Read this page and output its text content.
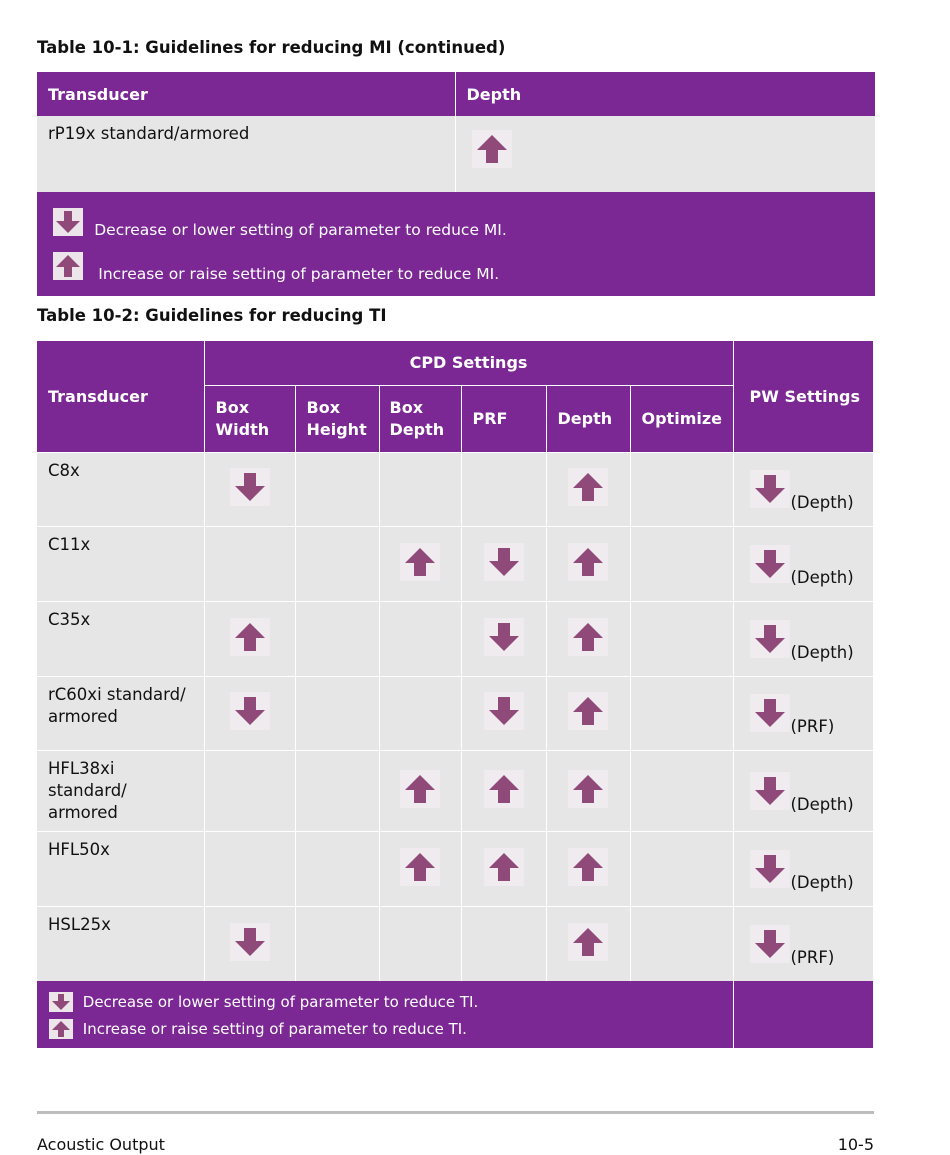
Table 10-1: Guidelines for reducing MI (continued)
Transducer	Depth
rP19x standard/armored	

Decrease or lower setting of parameter to reduce MI.
Increase or raise setting of parameter to reduce MI.	
Table 10-2: Guidelines for reducing TI
Transducer	CPD Settings						PW Settings
	Box Width	Box Height	Box Depth	PRF	Depth	Optimize	
C8x							(Depth)

C11x							(Depth)

C35x							(Depth)

rC60xi standard/ armored							(PRF)

HFL38xi standard/ armored							(Depth)

HFL50x							(Depth)

HSL25x							(PRF)

Decrease or lower setting of parameter to reduce TI.
Increase or raise setting of parameter to reduce TI.							

Acoustic Output	10-5
